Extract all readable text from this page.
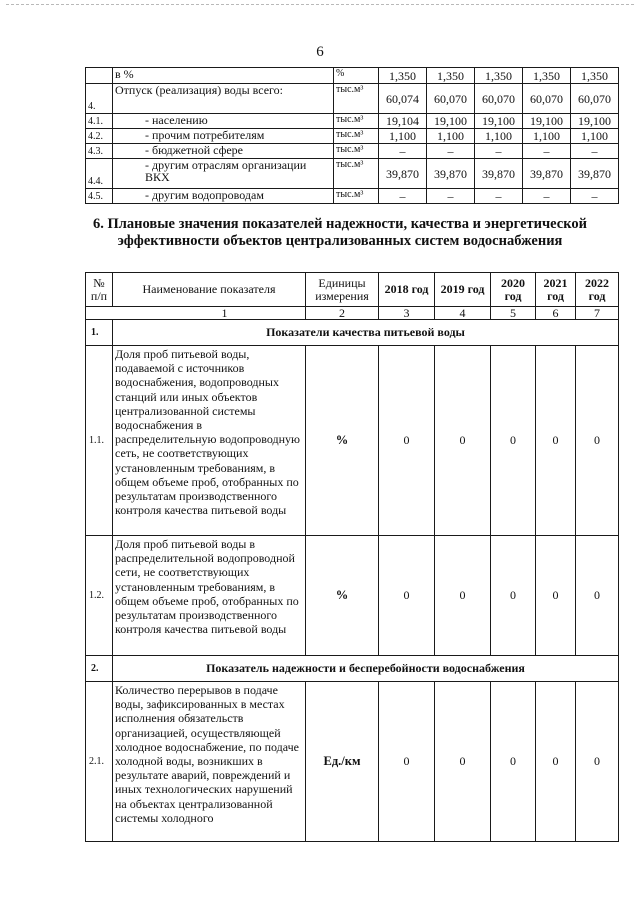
6
	в %	%	1,350	1,350	1,350	1,350	1,350
4.	Отпуск (реализация) воды всего:	тыс.м³	60,074	60,070	60,070	60,070	60,070
4.1.	- населению	тыс.м³	19,104	19,100	19,100	19,100	19,100
4.2.	- прочим потребителям	тыс.м³	1,100	1,100	1,100	1,100	1,100
4.3.	- бюджетной сфере	тыс.м³	–	–	–	–	–
4.4.	- другим отраслям организации ВКХ	тыс.м³	39,870	39,870	39,870	39,870	39,870
4.5.	- другим водопроводам	тыс.м³	–	–	–	–	–
6. Плановые значения показателей надежности, качества и энергетической эффективности объектов централизованных систем водоснабжения
№ п/п	Наименование показателя	Единицы измерения	2018 год	2019 год	2020 год	2021 год	2022 год
1		2	3	4	5	6	7
1.	Показатели качества питьевой воды						
1.1.	Доля проб питьевой воды, подаваемой с источников водоснабжения, водопроводных станций или иных объектов централизованной системы водоснабжения в распределительную водопроводную сеть, не соответствующих установленным требованиям, в общем объеме проб, отобранных по результатам производственного контроля качества питьевой воды	%	0	0	0	0	0
1.2.	Доля проб питьевой воды в распределительной водопроводной сети, не соответствующих установленным требованиям, в общем объеме проб, отобранных по результатам производственного контроля качества питьевой воды	%	0	0	0	0	0
2.	Показатель надежности и бесперебойности водоснабжения						
2.1.	Количество перерывов в подаче воды, зафиксированных в местах исполнения обязательств организацией, осуществляющей холодное водоснабжение, по подаче холодной воды, возникших в результате аварий, повреждений и иных технологических нарушений на объектах централизованной системы холодного	Ед./км	0	0	0	0	0
